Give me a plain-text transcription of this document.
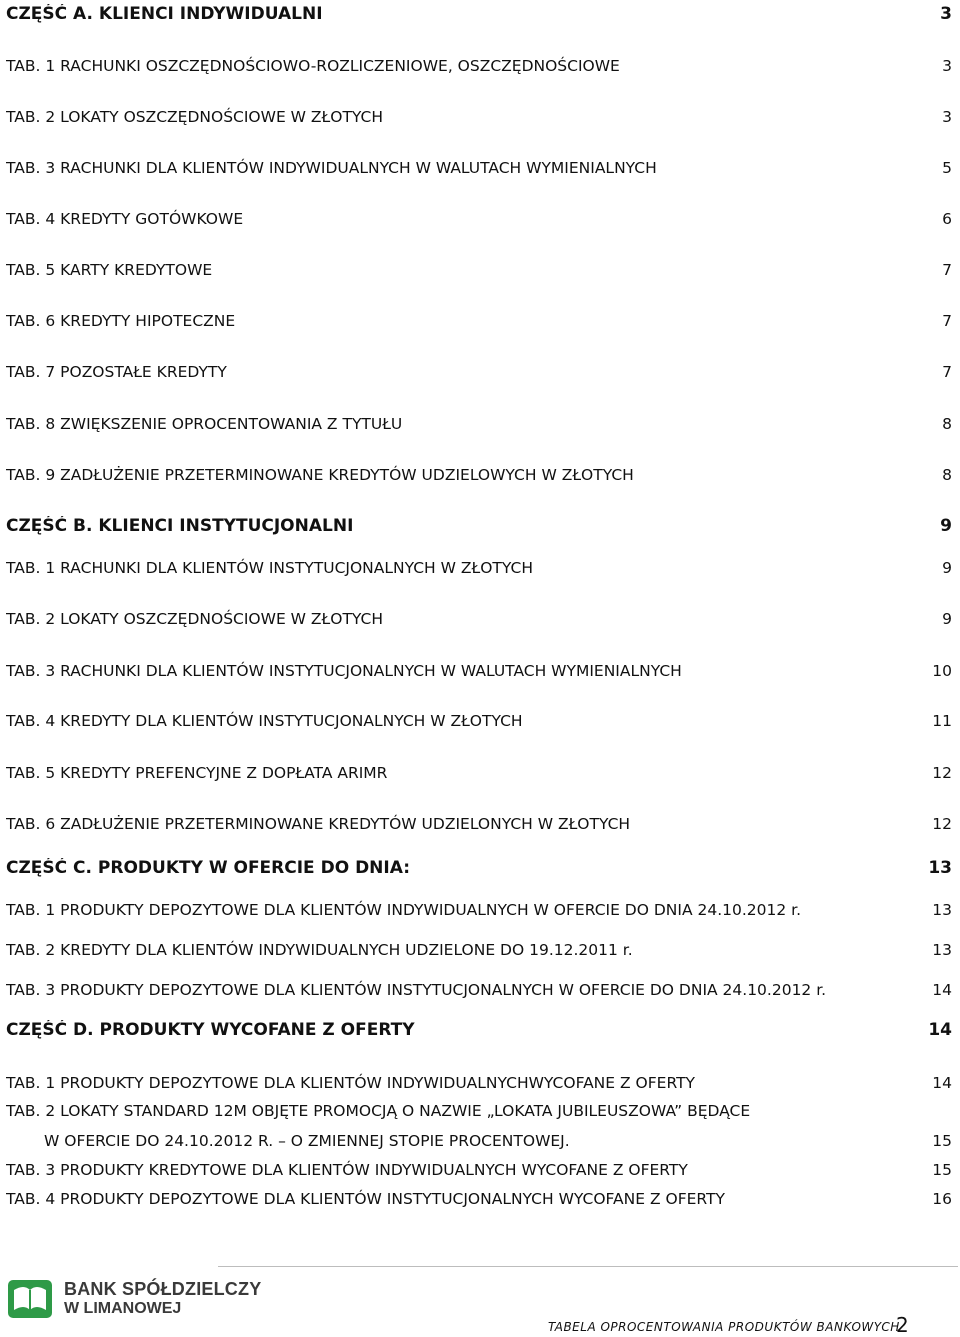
CZĘŚĆ A. KLIENCI INDYWIDUALNI	3
TAB. 1 RACHUNKI OSZCZĘDNOŚCIOWO-ROZLICZENIOWE, OSZCZĘDNOŚCIOWE	3
TAB. 2 LOKATY OSZCZĘDNOŚCIOWE W ZŁOTYCH	3
TAB. 3 RACHUNKI DLA KLIENTÓW INDYWIDUALNYCH W WALUTACH WYMIENIALNYCH	5
TAB. 4 KREDYTY GOTÓWKOWE	6
TAB. 5 KARTY KREDYTOWE	7
TAB. 6 KREDYTY HIPOTECZNE	7
TAB. 7 POZOSTAŁE KREDYTY	7
TAB. 8 ZWIĘKSZENIE OPROCENTOWANIA Z TYTUŁU	8
TAB. 9 ZADŁUŻENIE PRZETERMINOWANE KREDYTÓW UDZIELOWYCH W ZŁOTYCH	8
CZĘŚĆ B. KLIENCI INSTYTUCJONALNI	9
TAB. 1 RACHUNKI DLA KLIENTÓW INSTYTUCJONALNYCH W ZŁOTYCH	9
TAB. 2 LOKATY OSZCZĘDNOŚCIOWE W ZŁOTYCH	9
TAB. 3 RACHUNKI DLA KLIENTÓW INSTYTUCJONALNYCH W WALUTACH WYMIENIALNYCH	10
TAB. 4 KREDYTY DLA KLIENTÓW INSTYTUCJONALNYCH W ZŁOTYCH	11
TAB. 5 KREDYTY PREFENCYJNE Z DOPŁATA ARIMR	12
TAB. 6 ZADŁUŻENIE PRZETERMINOWANE KREDYTÓW UDZIELONYCH W ZŁOTYCH	12
CZĘŚĆ C. PRODUKTY W OFERCIE DO DNIA:	13
TAB. 1 PRODUKTY DEPOZYTOWE DLA KLIENTÓW INDYWIDUALNYCH W OFERCIE DO DNIA 24.10.2012 r.	13
TAB. 2 KREDYTY DLA KLIENTÓW INDYWIDUALNYCH UDZIELONE DO 19.12.2011 r.	13
TAB. 3 PRODUKTY DEPOZYTOWE DLA KLIENTÓW INSTYTUCJONALNYCH W OFERCIE DO DNIA 24.10.2012 r.	14
CZĘŚĆ D. PRODUKTY WYCOFANE Z OFERTY	14
TAB. 1 PRODUKTY DEPOZYTOWE DLA KLIENTÓW INDYWIDUALNYCHWYCOFANE Z OFERTY	14
TAB. 2 LOKATY STANDARD 12M OBJĘTE PROMOCJĄ O NAZWIE „LOKATA JUBILEUSZOWA” BĘDĄCE
W OFERCIE DO 24.10.2012 R. – O ZMIENNEJ STOPIE PROCENTOWEJ.	15
TAB. 3 PRODUKTY KREDYTOWE DLA KLIENTÓW INDYWIDUALNYCH WYCOFANE Z OFERTY	15
TAB. 4 PRODUKTY DEPOZYTOWE DLA KLIENTÓW INSTYTUCJONALNYCH WYCOFANE Z OFERTY	16
BANK SPÓŁDZIELCZY
W LIMANOWEJ
TABELA OPROCENTOWANIA PRODUKTÓW BANKOWYCH
2
